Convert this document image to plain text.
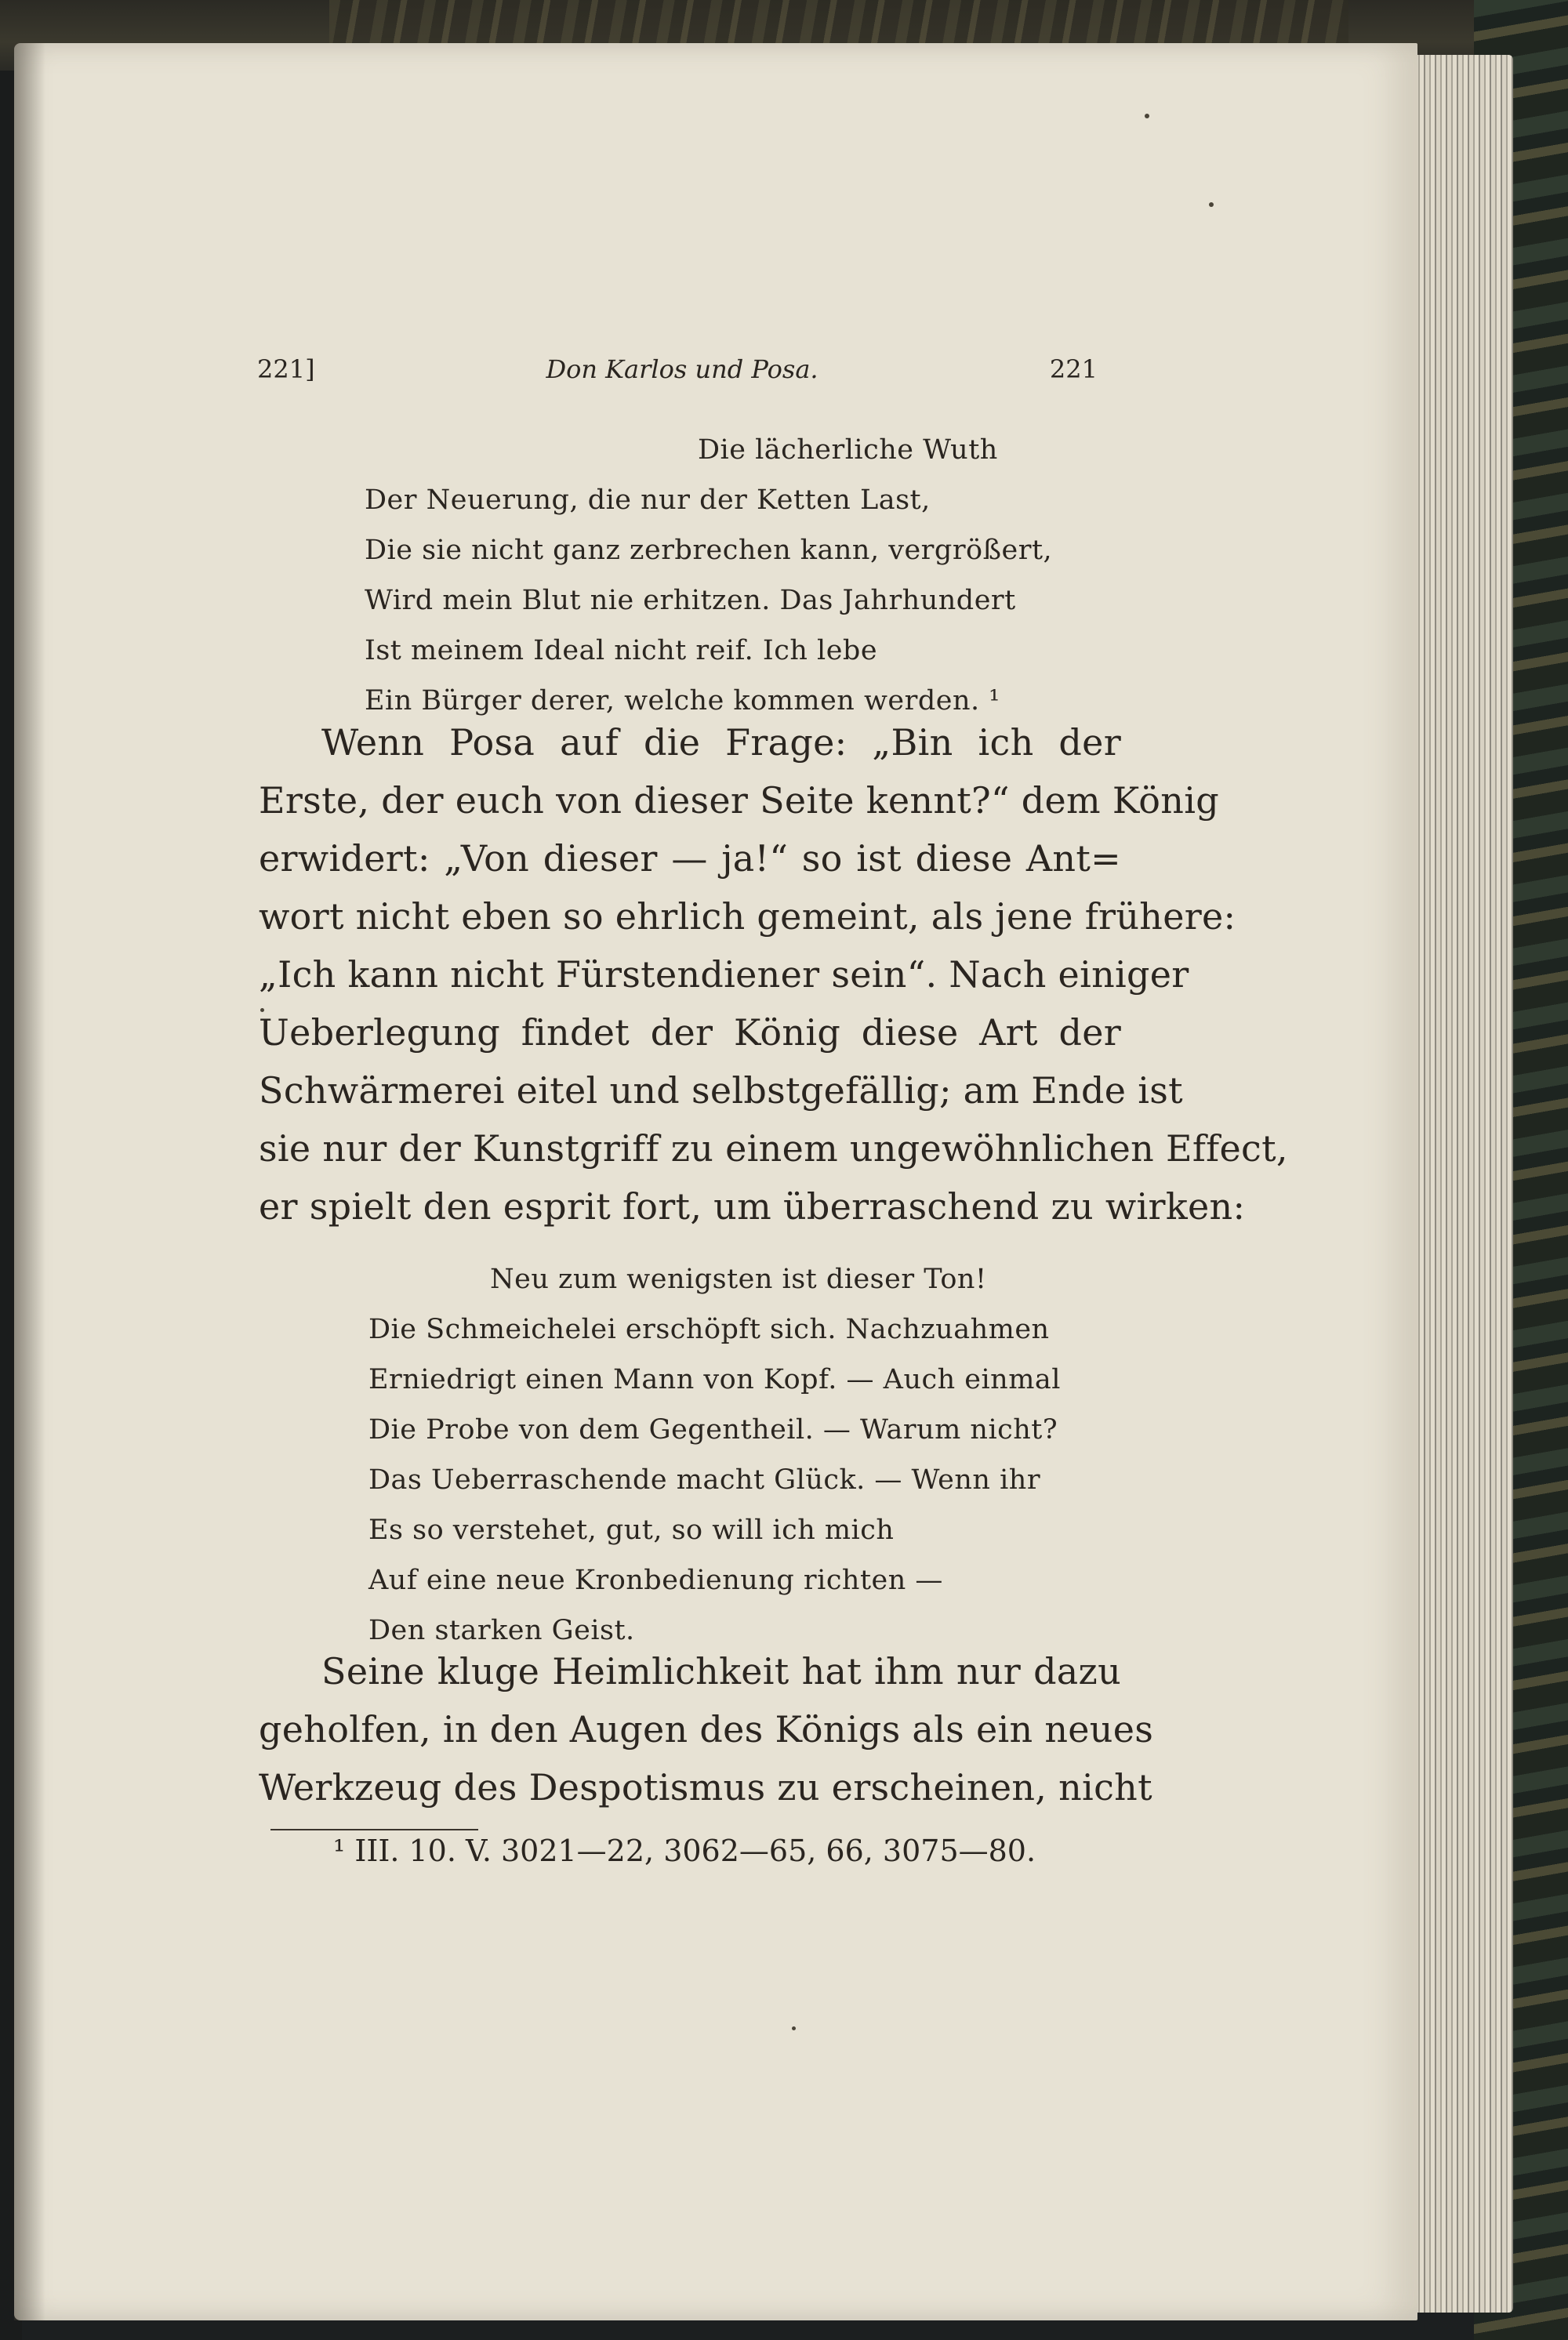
221]	Don Karlos und Posa.	221
Die lächerliche Wuth
Der Neuerung, die nur der Ketten Last,
Die sie nicht ganz zerbrechen kann, vergrößert,
Wird mein Blut nie erhitzen. Das Jahrhundert
Ist meinem Ideal nicht reif. Ich lebe
Ein Bürger derer, welche kommen werden. ¹
Wenn Posa auf die Frage: „Bin ich der
Erste, der euch von dieser Seite kennt?“ dem König
erwidert: „Von dieser — ja!“ so ist diese Ant=
wort nicht eben so ehrlich gemeint, als jene frühere:
„Ich kann nicht Fürstendiener sein“. Nach einiger
Ueberlegung findet der König diese Art der
Schwärmerei eitel und selbstgefällig; am Ende ist
sie nur der Kunstgriff zu einem ungewöhnlichen Effect,
er spielt den esprit fort, um überraschend zu wirken:
Neu zum wenigsten ist dieser Ton!
Die Schmeichelei erschöpft sich. Nachzuahmen
Erniedrigt einen Mann von Kopf. — Auch einmal
Die Probe von dem Gegentheil. — Warum nicht?
Das Ueberraschende macht Glück. — Wenn ihr
Es so verstehet, gut, so will ich mich
Auf eine neue Kronbedienung richten —
Den starken Geist.
Seine kluge Heimlichkeit hat ihm nur dazu
geholfen, in den Augen des Königs als ein neues
Werkzeug des Despotismus zu erscheinen, nicht
¹ III. 10. V. 3021—22, 3062—65, 66, 3075—80.
